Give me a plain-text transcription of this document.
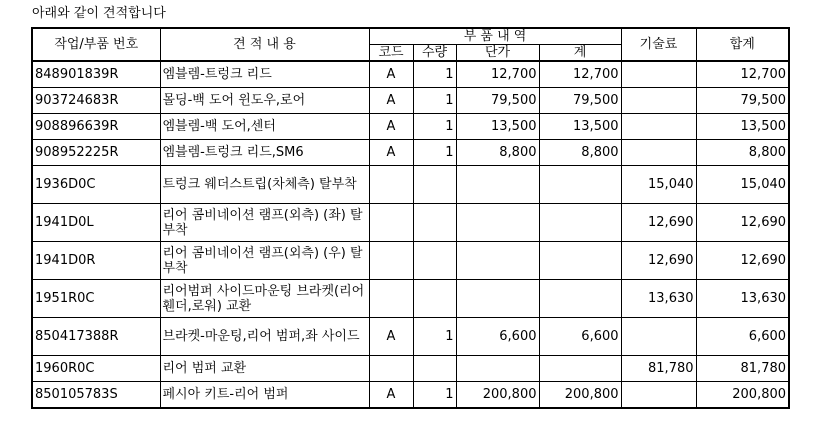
아래와 같이 견적합니다
작업/부품 번호	견 적 내 용	부 품 내 역				기술료	합계
		코드	수량	단가	계		
848901839R	엠블렘-트렁크 리드	A	1	12,700	12,700		12,700
903724683R	몰딩-백 도어 윈도우,로어	A	1	79,500	79,500		79,500
908896639R	엠블렘-백 도어,센터	A	1	13,500	13,500		13,500
908952225R	엠블렘-트렁크 리드,SM6	A	1	8,800	8,800		8,800
1936D0C	트렁크 웨더스트립(차체측) 탈부착					15,040	15,040
1941D0L	리어 콤비네이션 램프(외측) (좌) 탈부착					12,690	12,690
1941D0R	리어 콤비네이션 램프(외측) (우) 탈부착					12,690	12,690
1951R0C	리어범퍼 사이드마운팅 브라켓(리어휀더,로워) 교환					13,630	13,630
850417388R	브라켓-마운팅,리어 범퍼,좌 사이드	A	1	6,600	6,600		6,600
1960R0C	리어 범퍼 교환					81,780	81,780
850105783S	페시아 키트-리어 범퍼	A	1	200,800	200,800		200,800
